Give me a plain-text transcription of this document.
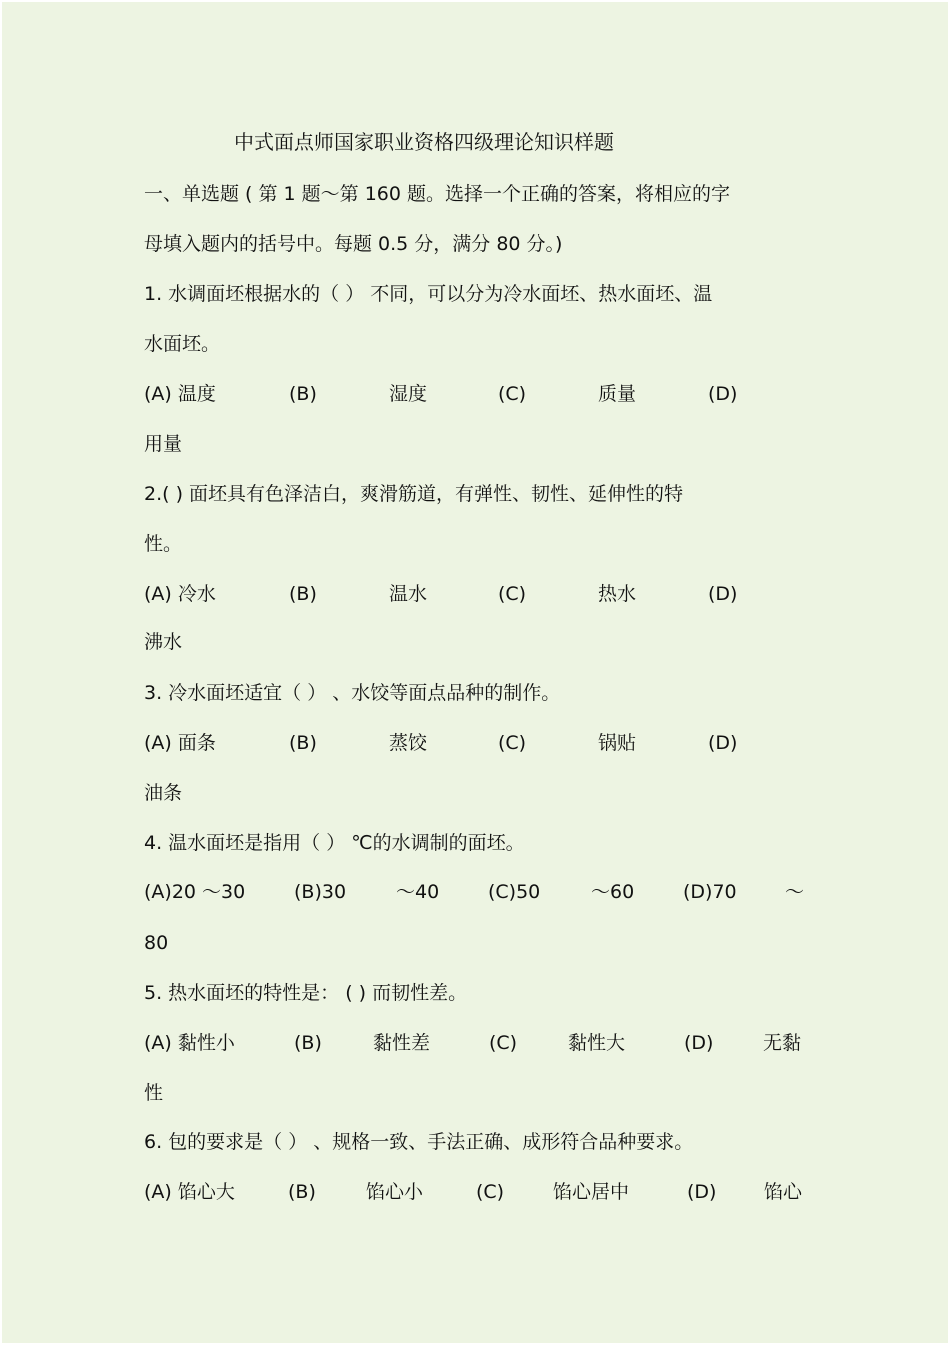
中式面点师国家职业资格四级理论知识样题
一、单选题 ( 第 1 题～第 160 题。选择一个正确的答案，将相应的字
母填入题内的括号中。每题 0.5 分，满分 80 分。)
1. 水调面坯根据水的（ ） 不同，可以分为冷水面坯、热水面坯、温
水面坯。
(A) 温度	(B)	湿度	(C)	质量	(D)
用量
2.( ) 面坯具有色泽洁白，爽滑筋道，有弹性、韧性、延伸性的特
性。
(A) 冷水	(B)	温水	(C)	热水	(D)
沸水
3. 冷水面坯适宜（ ） 、水饺等面点品种的制作。
(A) 面条	(B)	蒸饺	(C)	锅贴	(D)
油条
4. 温水面坯是指用（ ） ℃的水调制的面坯。
(A)20 ～30	(B)30	～40	(C)50	～60	(D)70	～
80
5. 热水面坯的特性是： ( ) 而韧性差。
(A) 黏性小	(B)	黏性差	(C)	黏性大	(D)	无黏
性
6. 包的要求是（ ） 、规格一致、手法正确、成形符合品种要求。
(A) 馅心大	(B)	馅心小	(C)	馅心居中	(D)	馅心
